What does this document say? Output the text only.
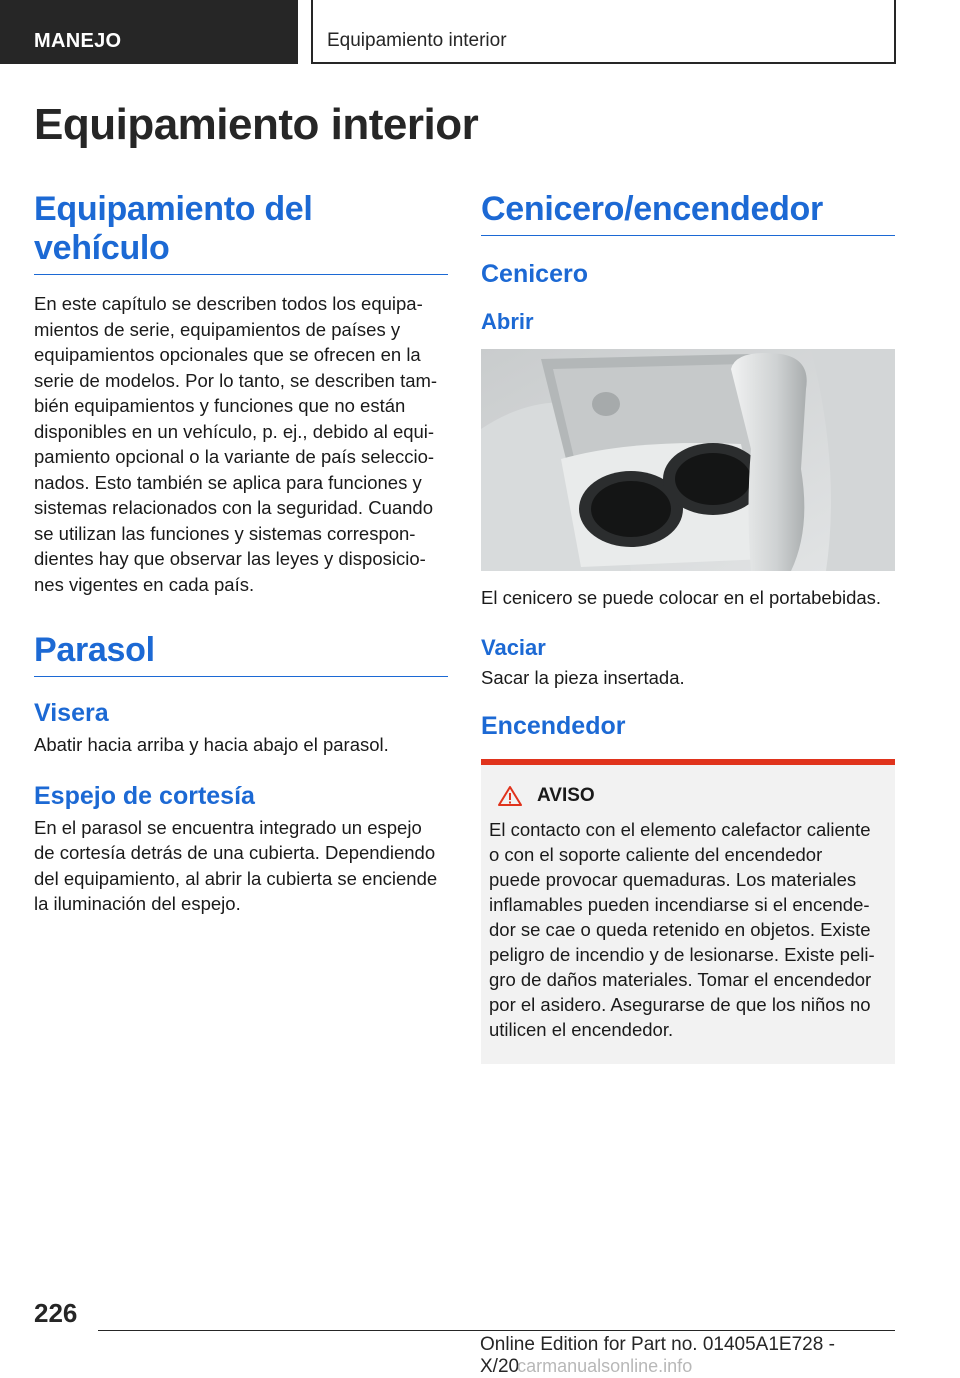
MANEJO	Equipamiento interior
Equipamiento interior
Equipamiento del vehículo

En este capítulo se describen todos los equipa-

mientos de serie, equipamientos de países y

equipamientos opcionales que se ofrecen en la

serie de modelos. Por lo tanto, se describen tam-

bién equipamientos y funciones que no están

disponibles en un vehículo, p. ej., debido al equi-

pamiento opcional o la variante de país seleccio-

nados. Esto también se aplica para funciones y

sistemas relacionados con la seguridad. Cuando

se utilizan las funciones y sistemas correspon-

dientes hay que observar las leyes y disposicio-

nes vigentes en cada país.

Parasol
Visera

Abatir hacia arriba y hacia abajo el parasol.

Espejo de cortesía

En el parasol se encuentra integrado un espejo

de cortesía detrás de una cubierta. Dependiendo

del equipamiento, al abrir la cubierta se enciende

la iluminación del espejo.

Cenicero/encendedor
Cenicero
Abrir

El cenicero se puede colocar en el portabebidas.

Vaciar

Sacar la pieza insertada.

Encendedor
AVISO

El contacto con el elemento calefactor caliente

o con el soporte caliente del encendedor

puede provocar quemaduras. Los materiales

inflamables pueden incendiarse si el encende-

dor se cae o queda retenido en objetos. Existe

peligro de incendio y de lesionarse. Existe peli-

gro de daños materiales. Tomar el encendedor

por el asidero. Asegurarse de que los niños no

utilicen el encendedor.

226
Online Edition for Part no. 01405A1E728 - X/20carmanualsonline.info
